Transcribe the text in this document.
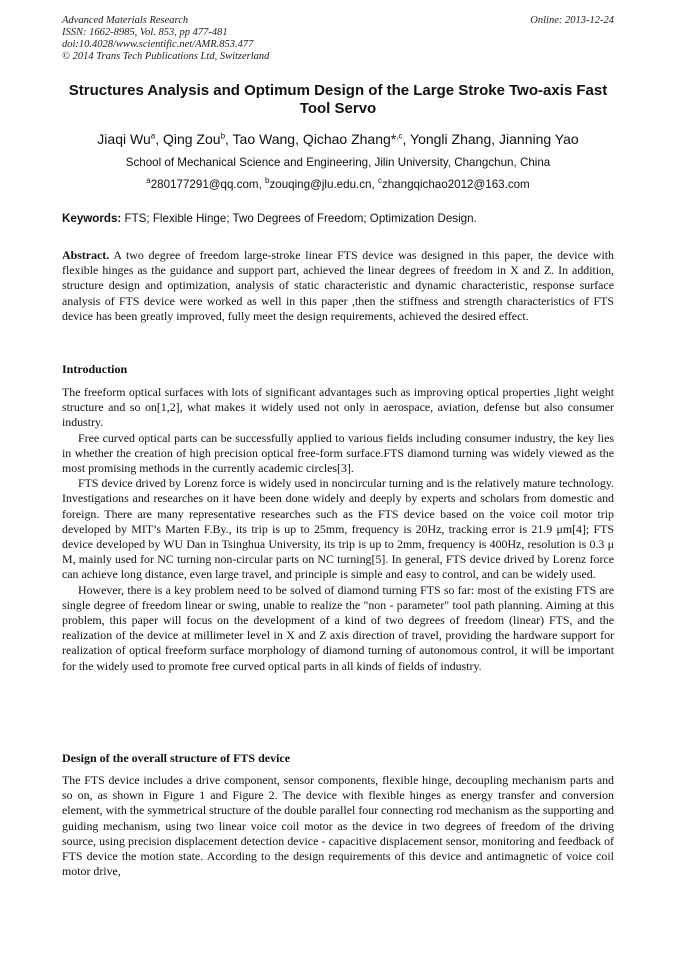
Advanced Materials Research
ISSN: 1662-8985, Vol. 853, pp 477-481
doi:10.4028/www.scientific.net/AMR.853.477
© 2014 Trans Tech Publications Ltd, Switzerland
Online: 2013-12-24
Structures Analysis and Optimum Design of the Large Stroke Two-axis Fast Tool Servo
Jiaqi Wu$^a$, Qing Zou$^b$, Tao Wang, Qichao Zhang*$^{,c}$, Yongli Zhang, Jianning Yao
School of Mechanical Science and Engineering, Jilin University, Changchun, China
$^a$280177291@qq.com, $^b$zouqing@jlu.edu.cn, $^c$zhangqichao2012@163.com
Keywords: FTS; Flexible Hinge; Two Degrees of Freedom; Optimization Design.

Abstract. A two degree of freedom large-stroke linear FTS device was designed in this paper, the device with flexible hinges as the guidance and support part, achieved the linear degrees of freedom in X and Z. In addition, structure design and optimization, analysis of static characteristic and dynamic characteristic, response surface analysis of FTS device were worked as well in this paper ,then the stiffness and strength characteristics of FTS device has been greatly improved, fully meet the design requirements, achieved the desired effect.

Introduction

The freeform optical surfaces with lots of significant advantages such as improving optical properties ,light weight structure and so on[1,2], what makes it widely used not only in aerospace, aviation, defense but also consumer industry.

Free curved optical parts can be successfully applied to various fields including consumer industry, the key lies in whether the creation of high precision optical free-form surface.FTS diamond turning was widely viewed as the most promising methods in the currently academic circles[3].

FTS device drived by Lorenz force is widely used in noncircular turning and is the relatively mature technology. Investigations and researches on it have been done widely and deeply by experts and scholars from domestic and foreign. There are many representative researches such as the FTS device based on the voice coil motor trip developed by MIT’s Marten F.By., its trip is up to 25mm, frequency is 20Hz, tracking error is 21.9 μm[4]; FTS device developed by WU Dan in Tsinghua University, its trip is up to 2mm, frequency is 400Hz, resolution is 0.3 μ M, mainly used for NC turning non-circular parts on NC turning[5]. In general, FTS device drived by Lorenz force can achieve long distance, even large travel, and principle is simple and easy to control, and can be widely used.

However, there is a key problem need to be solved of diamond turning FTS so far: most of the existing FTS are single degree of freedom linear or swing, unable to realize the "non - parameter" tool path planning. Aiming at this problem, this paper will focus on the development of a kind of two degrees of freedom (linear) FTS, and the realization of the device at millimeter level in X and Z axis direction of travel, providing the hardware support for realization of optical freeform surface morphology of diamond turning of autonomous control, it will be important for the widely used to promote free curved optical parts in all kinds of fields of industry.

Design of the overall structure of FTS device

The FTS device includes a drive component, sensor components, flexible hinge, decoupling mechanism parts and so on, as shown in Figure 1 and Figure 2. The device with flexible hinges as energy transfer and conversion element, with the symmetrical structure of the double parallel four connecting rod mechanism as the supporting and guiding mechanism, using two linear voice coil motor as the device in two degrees of freedom of the driving source, using precision displacement detection device - capacitive displacement sensor, monitoring and feedback of FTS device the motion state. According to the design requirements of this device and antimagnetic of voice coil motor drive,
